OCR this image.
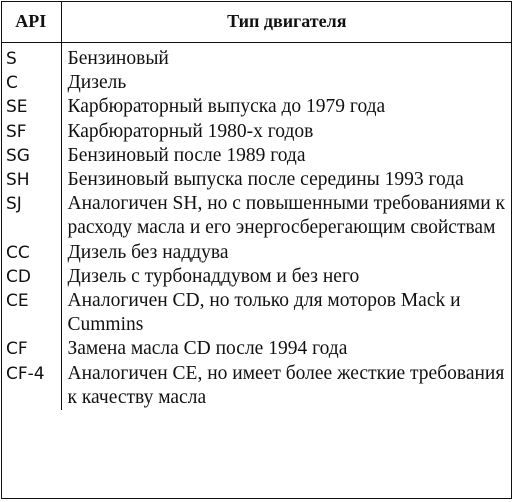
API	Тип двигателя
S	Бензиновый
C	Дизель
SE	Карбюраторный выпуска до 1979 года
SF	Карбюраторный 1980-х годов
SG	Бензиновый после 1989 года
SH	Бензиновый выпуска после середины 1993 года
SJ	Аналогичен SH, но с повышенными требованиями к расходу масла и его энергосберегающим свойствам
CC	Дизель без наддува
CD	Дизель с турбонаддувом и без него
CE	Аналогичен CD, но только для моторов Mack и Cummins
CF	Замена масла CD после 1994 года
CF-4	Аналогичен CE, но имеет более жесткие требования к качеству масла
